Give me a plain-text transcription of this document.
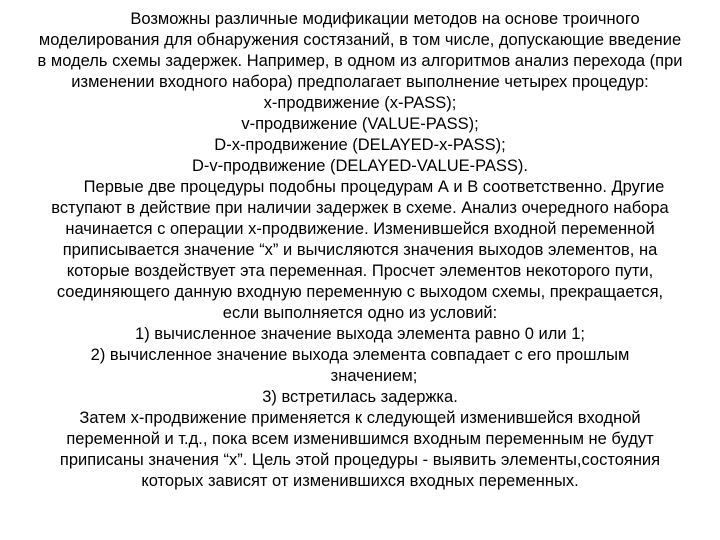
Возможны различные модификации методов на основе троичного
моделирования для обнаружения состязаний, в том числе, допускающие введение
в модель схемы задержек. Например, в одном из алгоритмов анализ перехода (при
изменении входного набора) предполагает выполнение четырех процедур:
x-продвижение (x-PASS);
v-продвижение (VALUE-PASS);
D-x-продвижение (DELAYED-x-PASS);
D-v-продвижение (DELAYED-VALUE-PASS).
Первые две процедуры подобны процедурам А и В соответственно. Другие
вступают в действие при наличии задержек в схеме. Анализ очередного набора
начинается с операции x-продвижение. Изменившейся входной переменной
приписывается значение “x” и вычисляются значения выходов элементов, на
которые воздействует эта переменная. Просчет элементов некоторого пути,
соединяющего данную входную переменную с выходом схемы, прекращается,
если выполняется одно из условий:
1) вычисленное значение выхода элемента равно 0 или 1;
2) вычисленное значение выхода элемента совпадает с его прошлым
значением;
3) встретилась задержка.
Затем x-продвижение применяется к следующей изменившейся входной
переменной и т.д., пока всем изменившимся входным переменным не будут
приписаны значения “x”. Цель этой процедуры - выявить элементы,состояния
которых зависят от изменившихся входных переменных.
